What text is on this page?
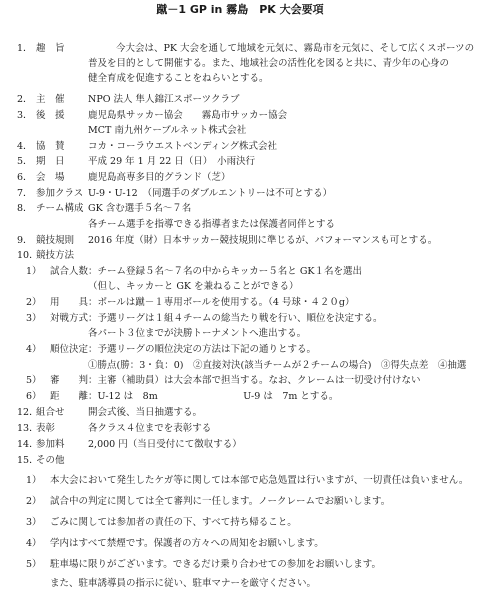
蹴－1 GP in 霧島　PK 大会要項
1． 趣　旨	今大会は、PK 大会を通して地域を元気に、霧島市を元気に、そして広くスポーツの
普及を目的として開催する。また、地域社会の活性化を図ると共に、青少年の心身の
健全育成を促進することをねらいとする。
2． 主　催 NPO 法人 隼人錦江スポーツクラブ
3． 後　援 鹿児島県サッカー協会　　霧島市サッカー協会
MCT 南九州ケーブルネット株式会社
4． 協　賛 コカ・コーラウエストベンディング株式会社
5． 期　日 平成 29 年 1 月 22 日（日）　小雨決行
6． 会　場 鹿児島高専多目的グランド（芝）
7． 参加クラス U-9・U-12　（同選手のダブルエントリーは不可とする）
8． チーム構成 GK 含む選手５名～７名
各チーム選手を指導できる指導者または保護者同伴とする
9． 競技規則 2016 年度（財）日本サッカー競技規則に準じるが、パフォーマンスも可とする。
10．
競技方法
1） 試合人数：チーム登録５名～７名の中からキッカー５名と GK１名を選出
（但し、キッカーと GK を兼ねることができる）
2） 用　　具：ボールは蹴－１専用ボールを使用する。（4 号球・４２０g）
3） 対戦方式：予選リーグは１組４チームの総当たり戦を行い、順位を決定する。
各パート３位までが決勝トーナメントへ進出する。
4） 順位決定：予選リーグの順位決定の方法は下記の通りとする。
①勝点(勝：3・負：0)　②直接対決(該当チームが２チームの場合)　③得失点差　④抽選
5） 審　　判：主審（補助員）は大会本部で担当する。なお、クレームは一切受け付けない
6） 距　　離：U-12 は　8m　　　　　　　　　U-9 は　7m とする。
12．
組合せ 開会式後、当日抽選する。
13．
表彰	各クラス４位までを表彰する
14．
参加料 2,000 円（当日受付にて徴収する）
15．
その他
1） 本大会において発生したケガ等に関しては本部で応急処置は行いますが、一切責任は負いません。
2） 試合中の判定に関しては全て審判に一任します。ノークレームでお願いします。
3） ごみに関しては参加者の責任の下、すべて持ち帰ること。
4） 学内はすべて禁煙です。保護者の方々への周知をお願いします。
5） 駐車場に限りがございます。できるだけ乗り合わせての参加をお願いします。
また、駐車誘導員の指示に従い、駐車マナーを厳守ください。
